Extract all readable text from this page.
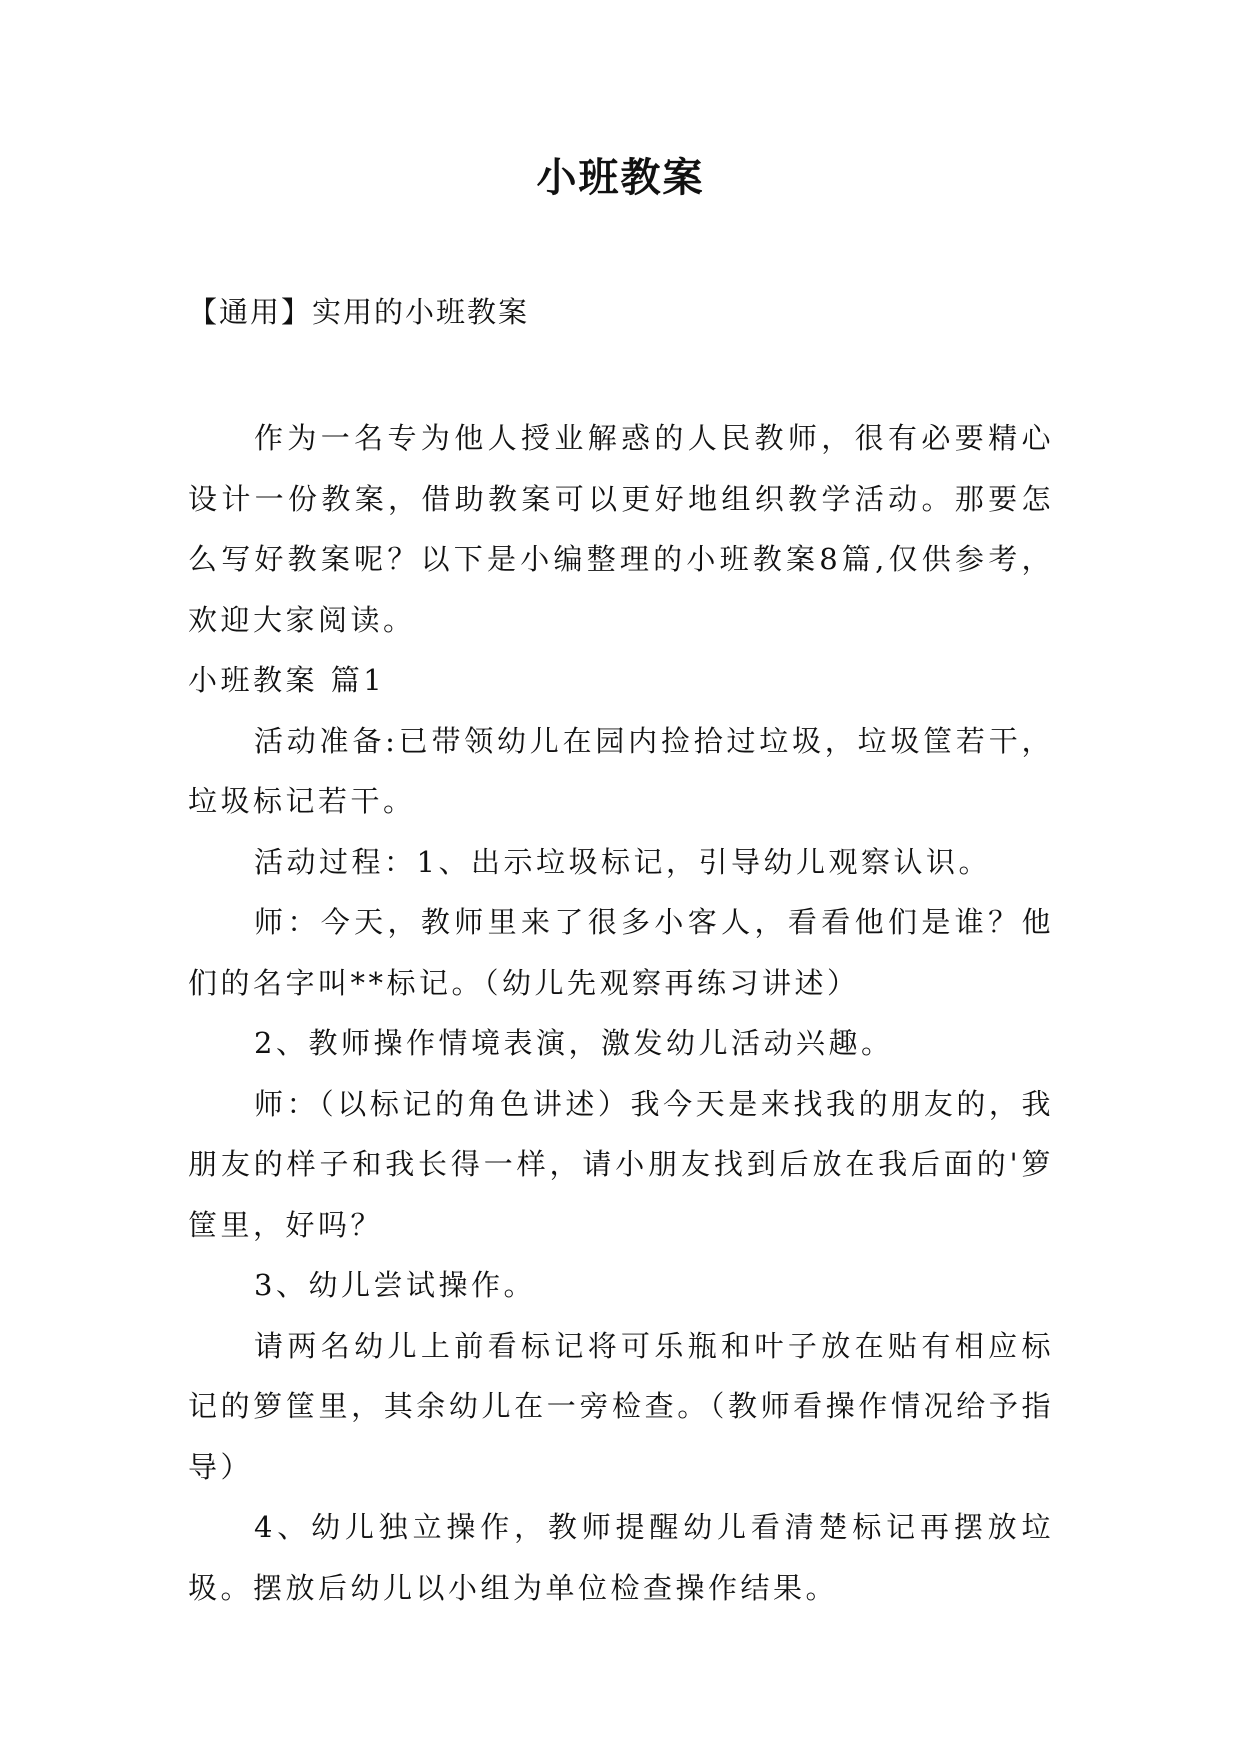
小班教案

【通用】实用的小班教案

作为一名专为他人授业解惑的人民教师，很有必要精心设计一份教案，借助教案可以更好地组织教学活动。那要怎么写好教案呢？以下是小编整理的小班教案8篇,仅供参考，欢迎大家阅读。

小班教案 篇1

活动准备:已带领幼儿在园内捡拾过垃圾，垃圾筐若干，垃圾标记若干。

活动过程：1、出示垃圾标记，引导幼儿观察认识。

师：今天，教师里来了很多小客人，看看他们是谁？他们的名字叫**标记。（幼儿先观察再练习讲述）

2、教师操作情境表演，激发幼儿活动兴趣。

师：（以标记的角色讲述）我今天是来找我的朋友的，我朋友的样子和我长得一样，请小朋友找到后放在我后面的'箩筐里，好吗？

3、幼儿尝试操作。

请两名幼儿上前看标记将可乐瓶和叶子放在贴有相应标记的箩筐里，其余幼儿在一旁检查。（教师看操作情况给予指导）

4、幼儿独立操作，教师提醒幼儿看清楚标记再摆放垃圾。摆放后幼儿以小组为单位检查操作结果。
